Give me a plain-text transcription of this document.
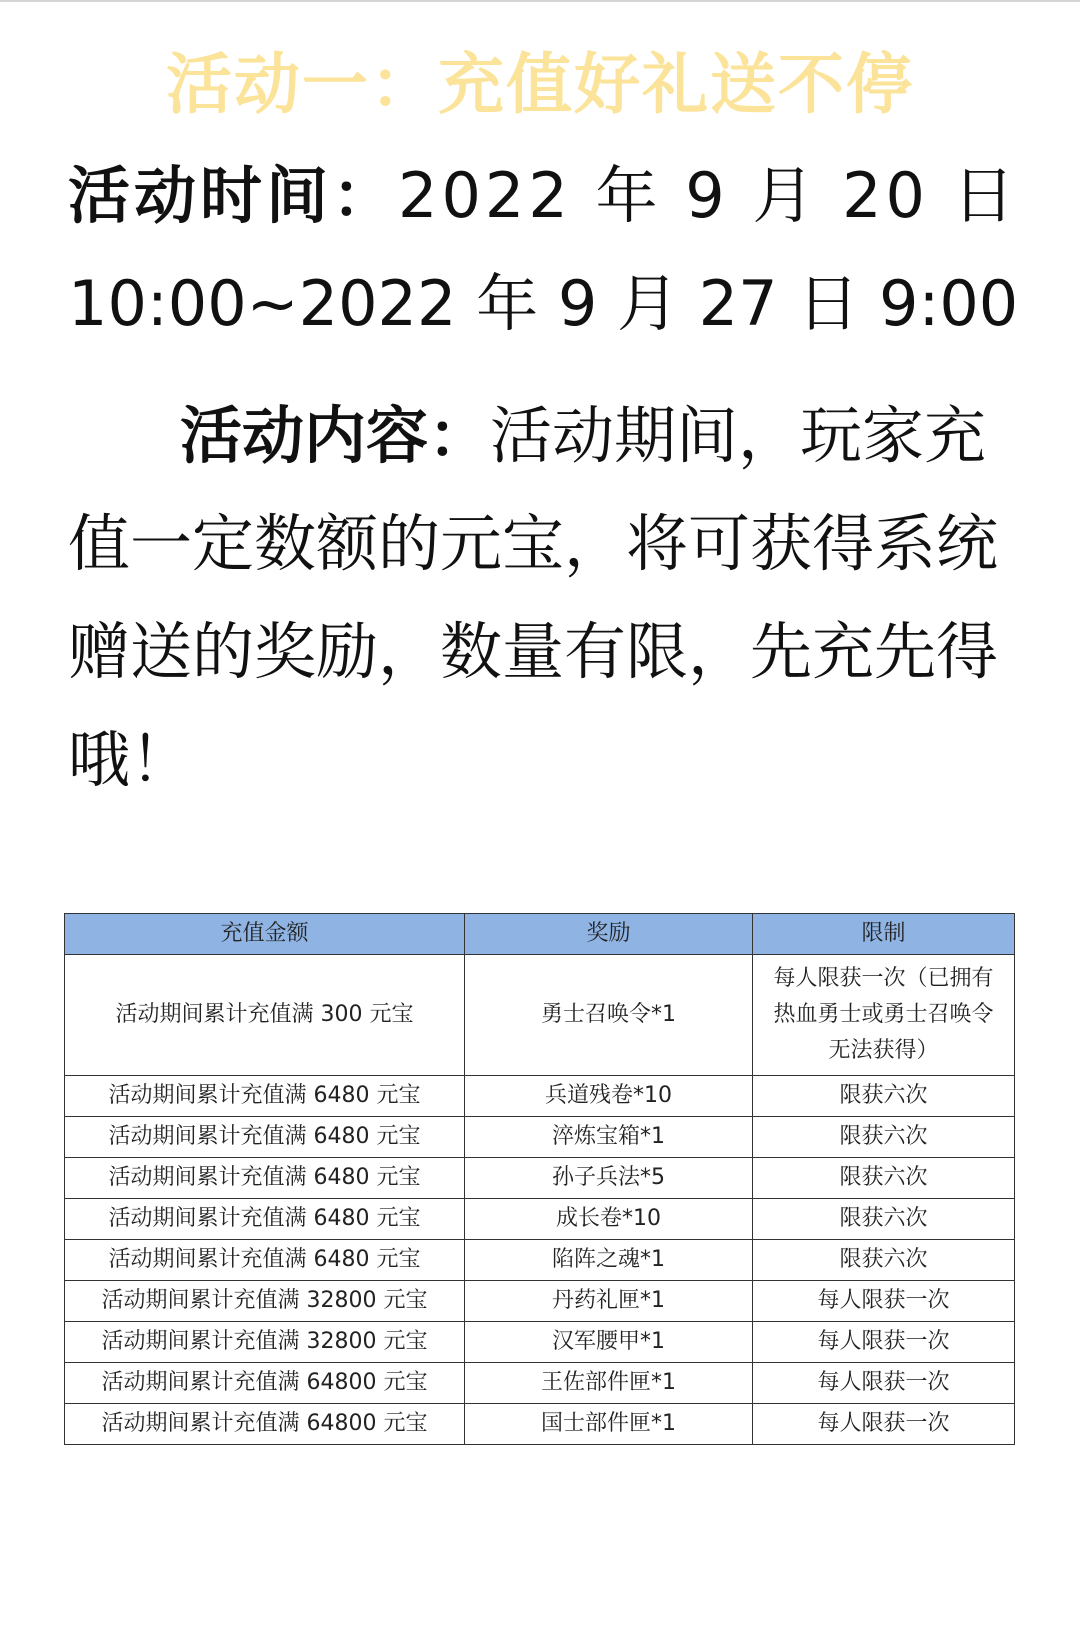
活动一：充值好礼送不停
活动时间：2022 年 9 月 20 日
10:00~2022 年 9 月 27 日 9:00
活动内容：活动期间，玩家充值一定数额的元宝，将可获得系统赠送的奖励，数量有限，先充先得哦！
充值金额	奖励	限制
活动期间累计充值满 300 元宝	勇士召唤令*1	每人限获一次（已拥有热血勇士或勇士召唤令无法获得）
活动期间累计充值满 6480 元宝	兵道残卷*10	限获六次
活动期间累计充值满 6480 元宝	淬炼宝箱*1	限获六次
活动期间累计充值满 6480 元宝	孙子兵法*5	限获六次
活动期间累计充值满 6480 元宝	成长卷*10	限获六次
活动期间累计充值满 6480 元宝	陷阵之魂*1	限获六次
活动期间累计充值满 32800 元宝	丹药礼匣*1	每人限获一次
活动期间累计充值满 32800 元宝	汉军腰甲*1	每人限获一次
活动期间累计充值满 64800 元宝	王佐部件匣*1	每人限获一次
活动期间累计充值满 64800 元宝	国士部件匣*1	每人限获一次
